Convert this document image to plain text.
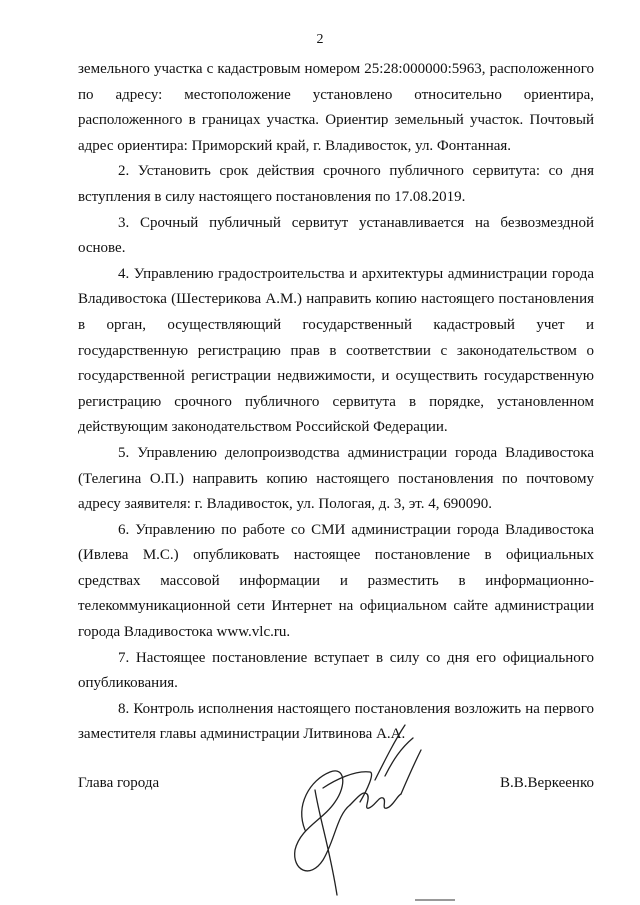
2

земельного участка с кадастровым номером 25:28:000000:5963, расположенного по адресу: местоположение установлено относительно ориентира, расположенного в границах участка. Ориентир земельный участок. Почтовый адрес ориентира: Приморский край, г. Владивосток, ул. Фонтанная.

2. Установить срок действия срочного публичного сервитута: со дня вступления в силу настоящего постановления по 17.08.2019.

3. Срочный публичный сервитут устанавливается на безвозмездной основе.

4. Управлению градостроительства и архитектуры администрации города Владивостока (Шестерикова А.М.) направить копию настоящего постановления в орган, осуществляющий государственный кадастровый учет и государственную регистрацию прав в соответствии с законодательством о государственной регистрации недвижимости, и осуществить государственную регистрацию срочного публичного сервитута в порядке, установленном действующим законодательством Российской Федерации.

5. Управлению делопроизводства администрации города Владивостока (Телегина О.П.) направить копию настоящего постановления по почтовому адресу заявителя: г. Владивосток, ул. Пологая, д. 3, эт. 4, 690090.

6. Управлению по работе со СМИ администрации города Владивостока (Ивлева М.С.) опубликовать настоящее постановление в официальных средствах массовой информации и разместить в информационно-телекоммуникационной сети Интернет на официальном сайте администрации города Владивостока www.vlc.ru.

7. Настоящее постановление вступает в силу со дня его официального опубликования.

8. Контроль исполнения настоящего постановления возложить на первого заместителя главы администрации Литвинова А.А.

Глава города	В.В.Веркеенко
